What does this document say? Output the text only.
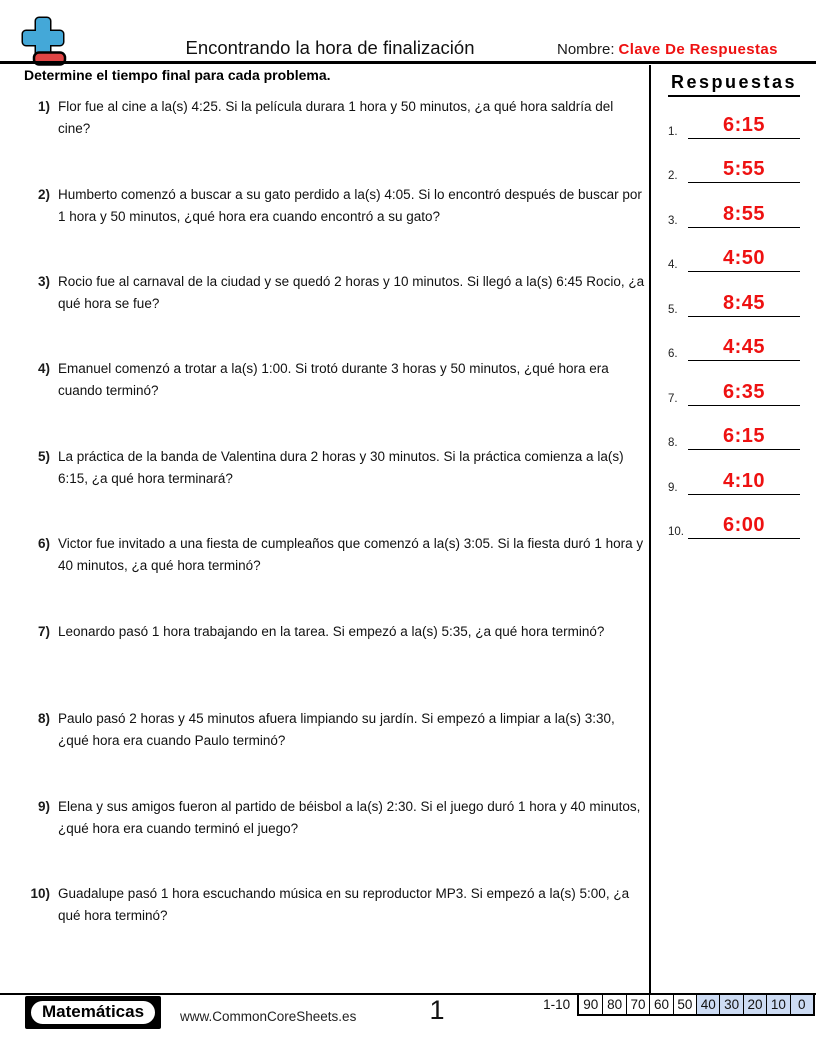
Encontrando la hora de finalización	Nombre: Clave De Respuestas
Determine el tiempo final para cada problema.
1) Flor fue al cine a la(s) 4:25. Si la película durara 1 hora y 50 minutos, ¿a qué hora saldría del cine?
2) Humberto comenzó a buscar a su gato perdido a la(s) 4:05. Si lo encontró después de buscar por 1 hora y 50 minutos, ¿qué hora era cuando encontró a su gato?
3) Rocio fue al carnaval de la ciudad y se quedó 2 horas y 10 minutos. Si llegó a la(s) 6:45 Rocio, ¿a qué hora se fue?
4) Emanuel comenzó a trotar a la(s) 1:00. Si trotó durante 3 horas y 50 minutos, ¿qué hora era cuando terminó?
5) La práctica de la banda de Valentina dura 2 horas y 30 minutos. Si la práctica comienza a la(s) 6:15, ¿a qué hora terminará?
6) Victor fue invitado a una fiesta de cumpleaños que comenzó a la(s) 3:05. Si la fiesta duró 1 hora y 40 minutos, ¿a qué hora terminó?
7) Leonardo pasó 1 hora trabajando en la tarea. Si empezó a la(s) 5:35, ¿a qué hora terminó?
8) Paulo pasó 2 horas y 45 minutos afuera limpiando su jardín. Si empezó a limpiar a la(s) 3:30, ¿qué hora era cuando Paulo terminó?
9) Elena y sus amigos fueron al partido de béisbol a la(s) 2:30. Si el juego duró 1 hora y 40 minutos, ¿qué hora era cuando terminó el juego?
10) Guadalupe pasó 1 hora escuchando música en su reproductor MP3. Si empezó a la(s) 5:00, ¿a qué hora terminó?
Respuestas
1.	6:15
2.	5:55
3.	8:55
4.	4:50
5.	8:45
6.	4:45
7.	6:35
8.	6:15
9.	4:10
10.	6:00
Matemáticas	www.CommonCoreSheets.es	1	1-10 90 80 70 60 50 40 30 20 10 0
